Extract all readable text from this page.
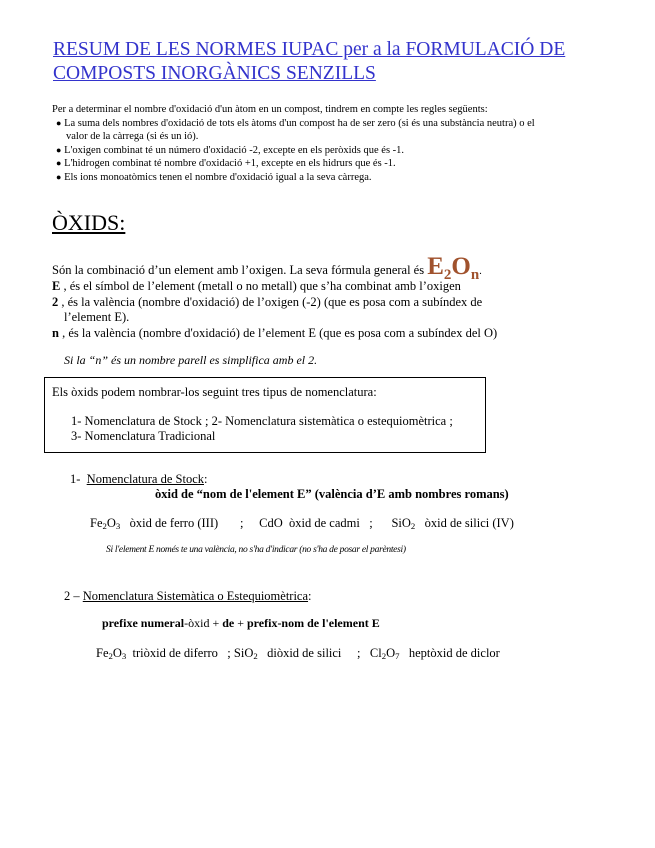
RESUM DE LES NORMES IUPAC per a la FORMULACIÓ DE
COMPOSTS INORGÀNICS SENZILLS
Per a determinar el nombre d'oxidació d'un àtom en un compost, tindrem en compte les regles següents:
● La suma dels nombres d'oxidació de tots els àtoms d'un compost ha de ser zero (si és una substància neutra) o el
valor de la càrrega (si és un ió).
● L'oxigen combinat té un número d'oxidació -2, excepte en els peròxids que és -1.
● L'hidrogen combinat té nombre d'oxidació +1, excepte en els hidrurs que és -1.
● Els ions monoatòmics tenen el nombre d'oxidació igual a la seva càrrega.
ÒXIDS:
Són la combinació d’un element amb l’oxigen. La seva fórmula general és $E_2O_n$.
E , és el símbol de l’element (metall o no metall) que s’ha combinat amb l’oxigen
2 , és la valència (nombre d'oxidació) de l’oxigen (-2) (que es posa com a subíndex de
l’element E).
n , és la valència (nombre d'oxidació) de l’element E (que es posa com a subíndex del O)
Si la “n” és un nombre parell es simplifica amb el 2.
Els òxids podem nombrar-los seguint tres tipus de nomenclatura:
1- Nomenclatura de Stock ; 2- Nomenclatura sistemàtica o estequiomètrica ;
3- Nomenclatura Tradicional
1- Nomenclatura de Stock:
òxid de “nom de l'element E” (valència d’E amb nombres romans)
$Fe_2O_3$ òxid de ferro (III) ; CdO òxid de cadmi ; SiO$_2$ òxid de silici (IV)
Si l'element E només te una valència, no s'ha d'indicar (no s'ha de posar el parèntesi)
2 – Nomenclatura Sistemàtica o Estequiomètrica:
prefixe numeral-òxid + de + prefix-nom de l'element E
$Fe_2O_3$ triòxid de diferro ; SiO$_2$ diòxid de silici ; $Cl_2O_7$ heptòxid de diclor
